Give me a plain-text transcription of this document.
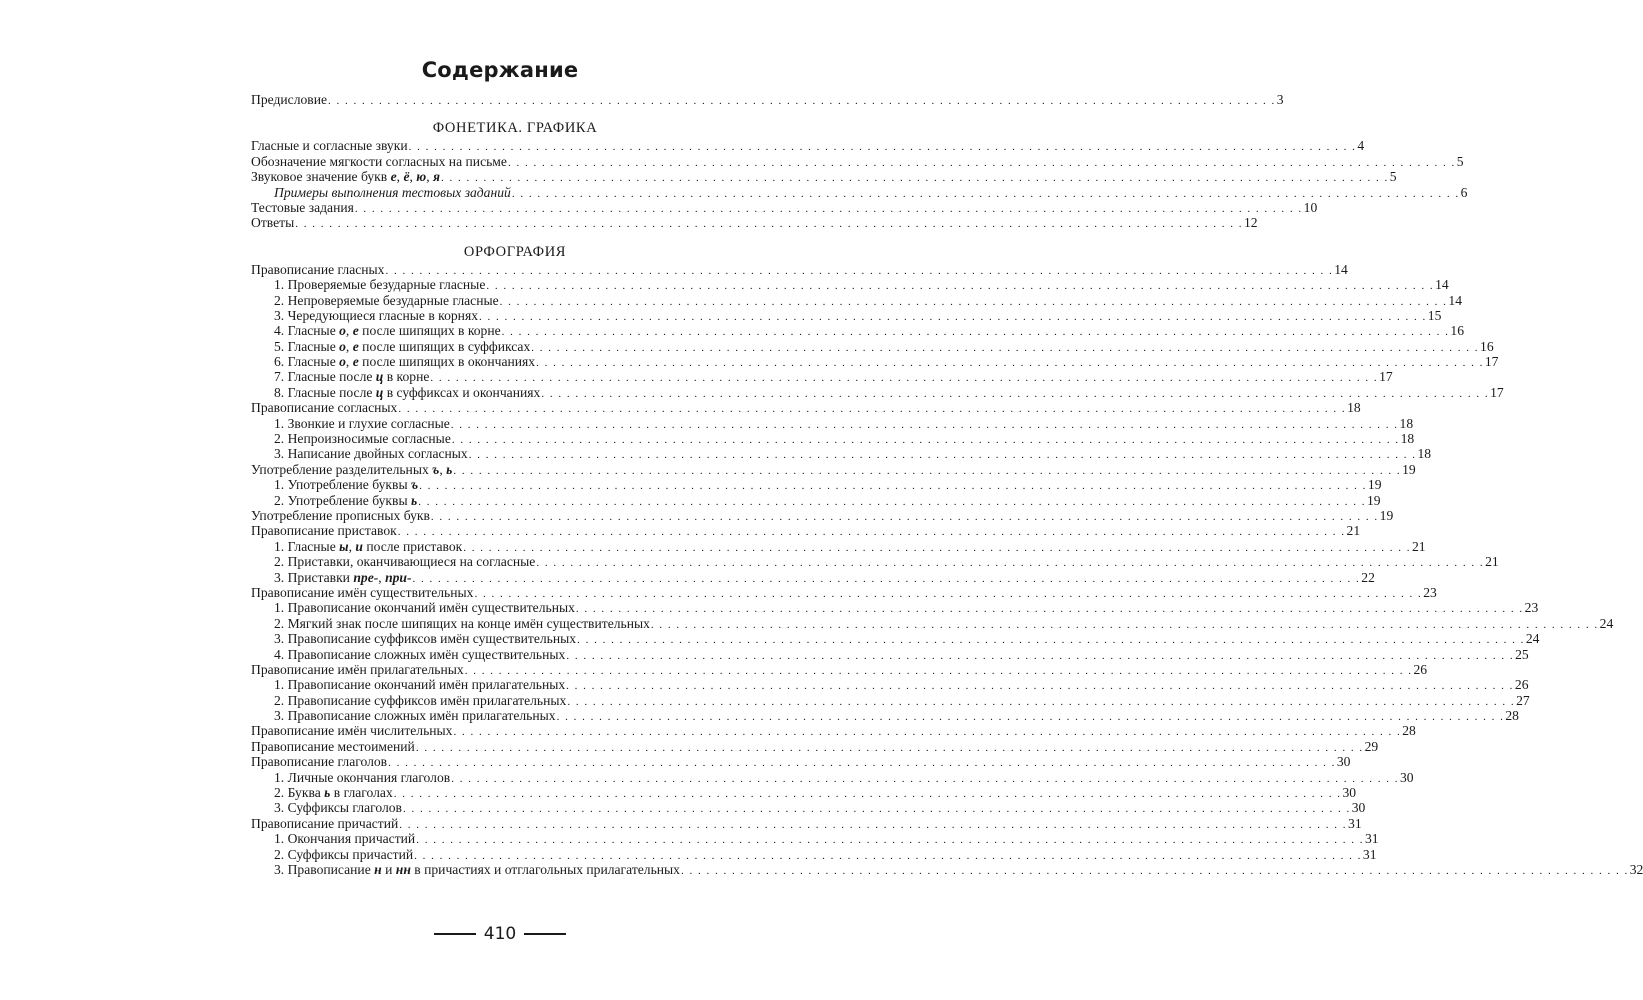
Содержание
Предисловие . . .	3
ФОНЕТИКА. ГРАФИКА
Гласные и согласные звуки . . .	4
Обозначение мягкости согласных на письме . . .	5
Звуковое значение букв е, ё, ю, я . . .	5
Примеры выполнения тестовых заданий . . .	6
Тестовые задания . . .	10
Ответы . . .	12
ОРФОГРАФИЯ
Правописание гласных . . .	14
1. Проверяемые безударные гласные . . .	14
2. Непроверяемые безударные гласные . . .	14
3. Чередующиеся гласные в корнях . . .	15
4. Гласные о, е после шипящих в корне . . .	16
5. Гласные о, е после шипящих в суффиксах . . .	16
6. Гласные о, е после шипящих в окончаниях . . .	17
7. Гласные после ц в корне . . .	17
8. Гласные после ц в суффиксах и окончаниях . . .	17
Правописание согласных . . .	18
1. Звонкие и глухие согласные . . .	18
2. Непроизносимые согласные . . .	18
3. Написание двойных согласных . . .	18
Употребление разделительных ъ, ь . . .	19
1. Употребление буквы ъ . . .	19
2. Употребление буквы ь . . .	19
Употребление прописных букв . . .	19
Правописание приставок . . .	21
1. Гласные ы, и после приставок . . .	21
2. Приставки, оканчивающиеся на согласные . . .	21
3. Приставки пре-, при- . . .	22
Правописание имён существительных . . .	23
1. Правописание окончаний имён существительных . . .	23
2. Мягкий знак после шипящих на конце имён существительных . . .	24
3. Правописание суффиксов имён существительных . . .	24
4. Правописание сложных имён существительных . . .	25
Правописание имён прилагательных . . .	26
1. Правописание окончаний имён прилагательных . . .	26
2. Правописание суффиксов имён прилагательных . . .	27
3. Правописание сложных имён прилагательных . . .	28
Правописание имён числительных . . .	28
Правописание местоимений . . .	29
Правописание глаголов . . .	30
1. Личные окончания глаголов . . .	30
2. Буква ь в глаголах . . .	30
3. Суффиксы глаголов . . .	30
Правописание причастий . . .	31
1. Окончания причастий . . .	31
2. Суффиксы причастий . . .	31
3. Правописание н и нн в причастиях и отглагольных прилагательных . . .	32
410
